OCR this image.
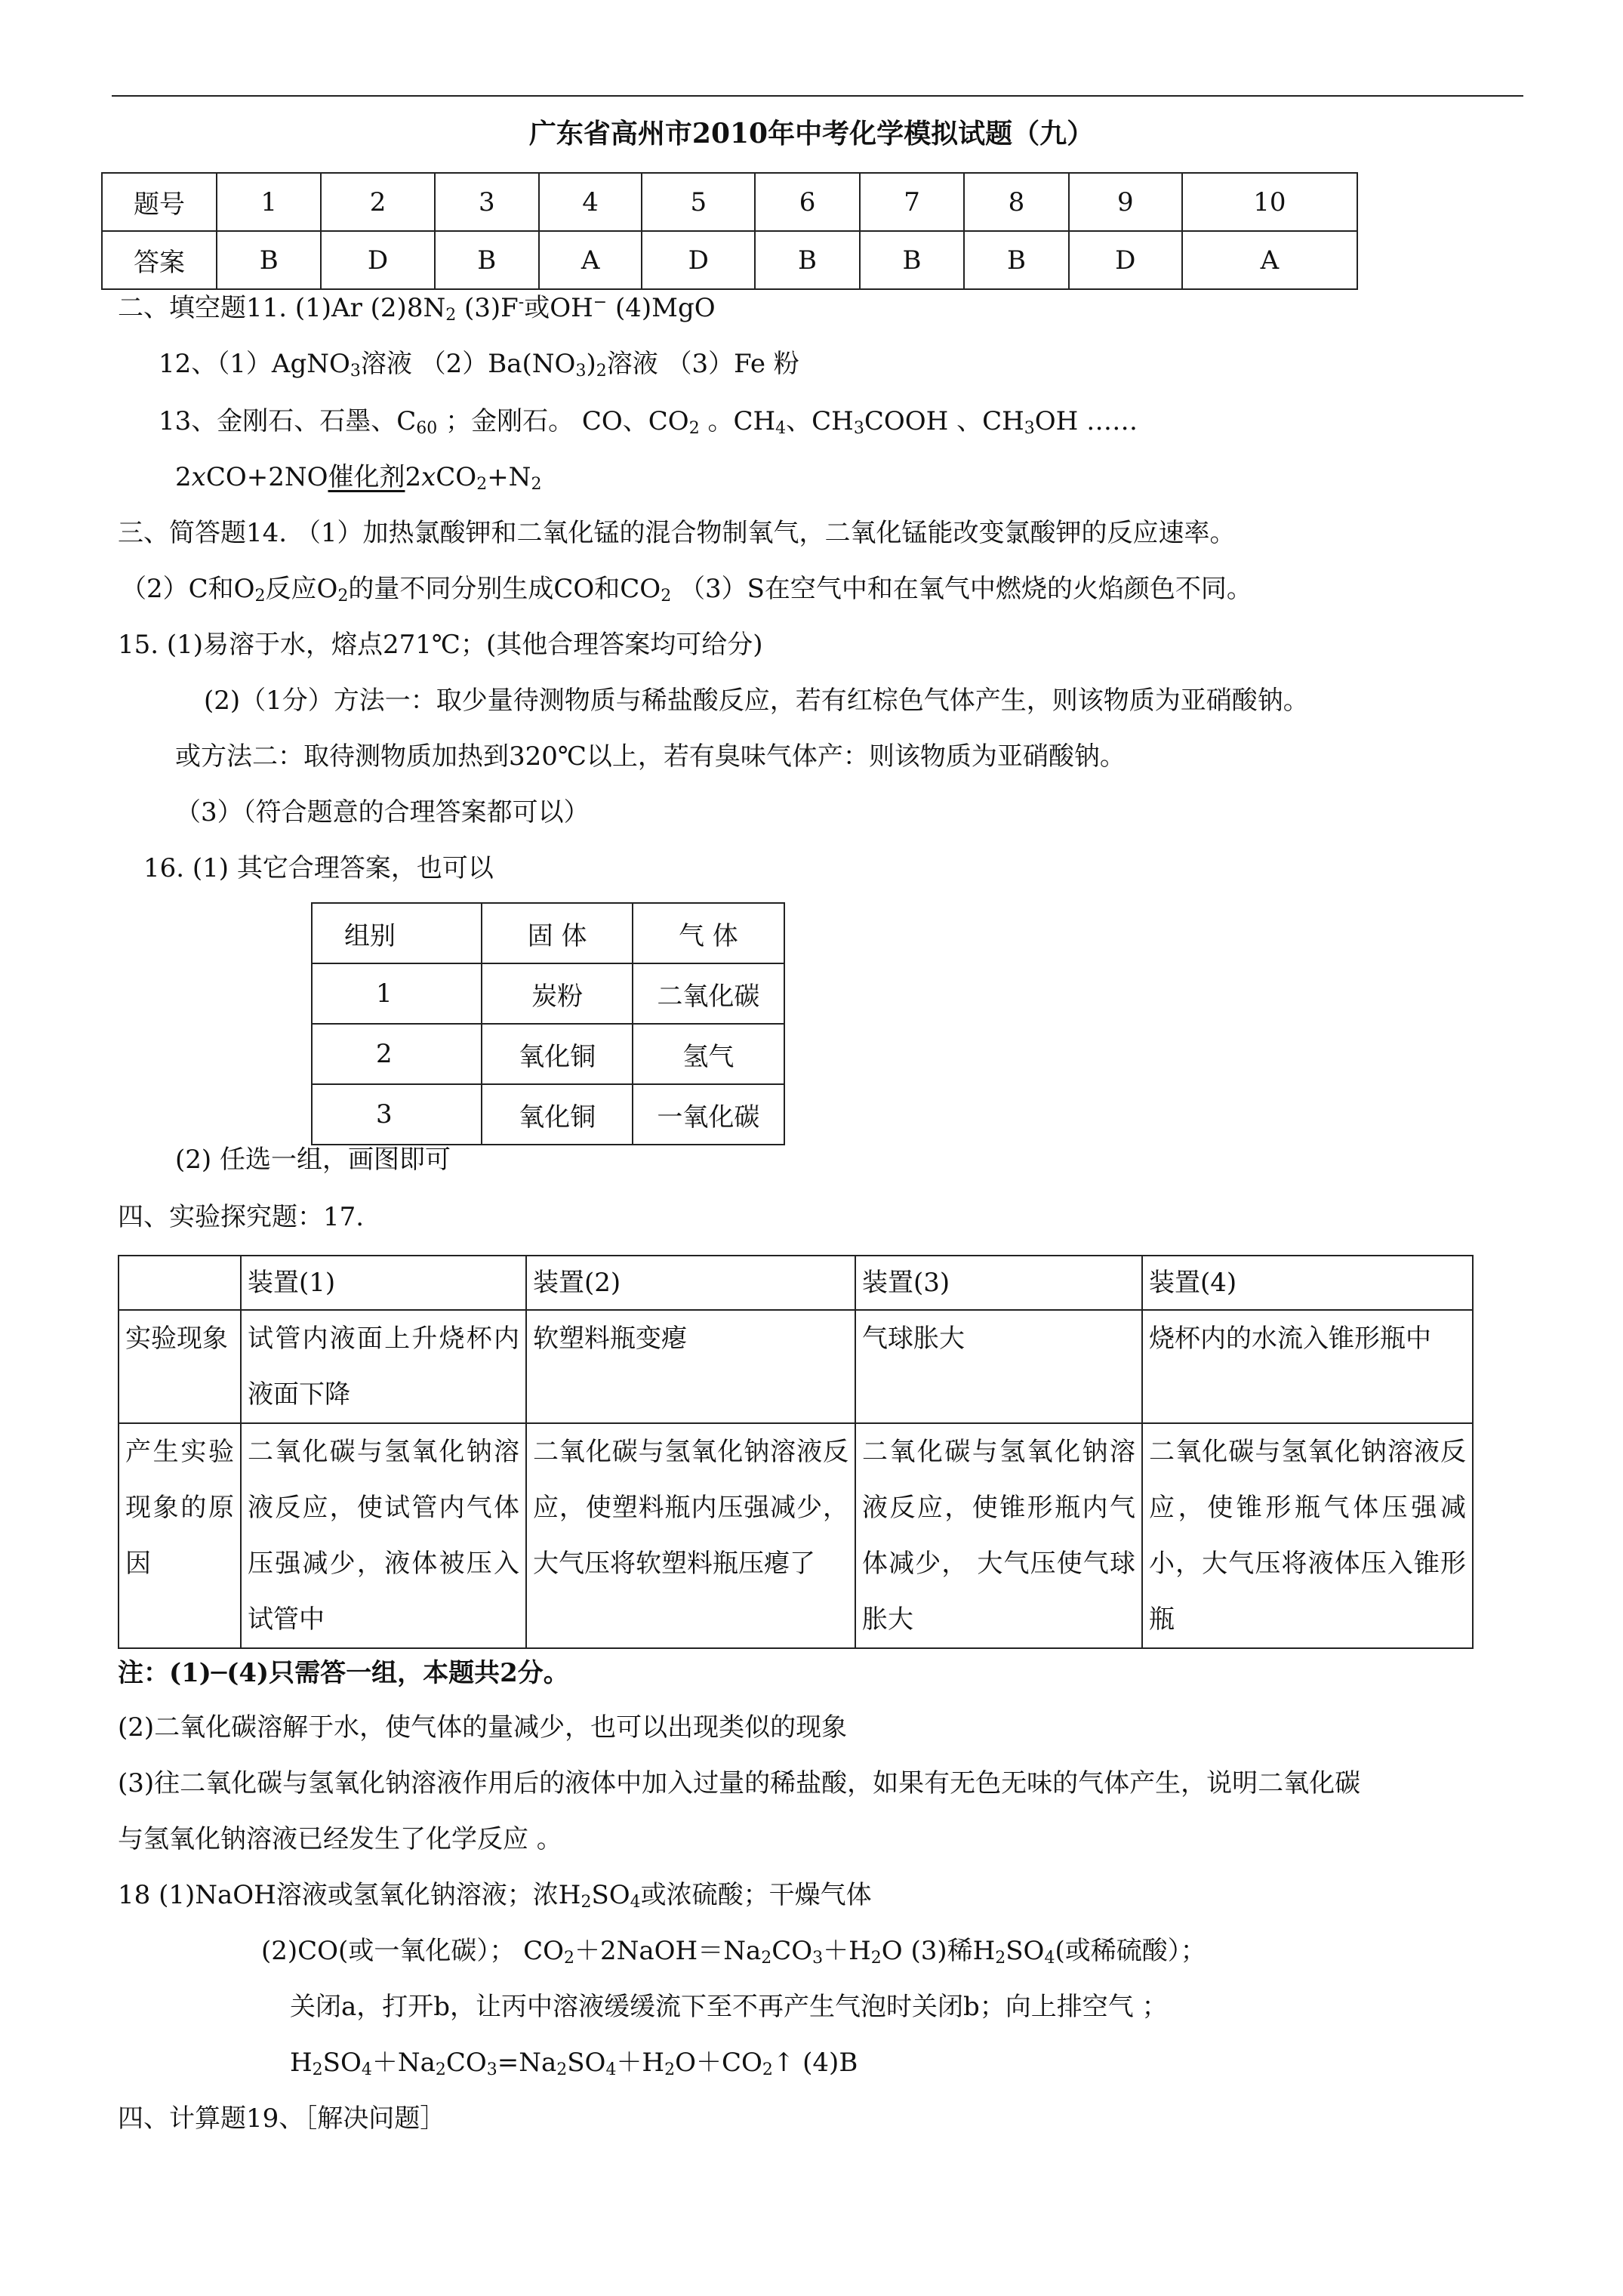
广东省高州市2010年中考化学模拟试题（九）
题号	1	2	3	4	5	6	7	8	9	10
答案	B	D	B	A	D	B	B	B	D	A
二、填空题11. (1)Ar $(2)8N_2$ (3)F-或OH− (4)MgO
12、（1）AgNO$_3$溶液 $(2)Ba(NO_3)_2$溶液 （3）Fe 粉
13、金刚石、石墨、$C_{60}$ ；金刚石。 CO、$CO_2$ 。$CH_4$、$CH_3COOH$ 、$CH_3OH$ ……
2xCO+2NO催化剂$2xCO_2+N_2$
三、简答题14. （1）加热氯酸钾和二氧化锰的混合物制氧气，二氧化锰能改变氯酸钾的反应速率。
（2）C和$O_2$反应$O_2$的量不同分别生成CO和$CO_2$ （3）S在空气中和在氧气中燃烧的火焰颜色不同。
15. (1)易溶于水，熔点271℃；(其他合理答案均可给分)
(2)（1分）方法一：取少量待测物质与稀盐酸反应，若有红棕色气体产生，则该物质为亚硝酸钠。
或方法二：取待测物质加热到320℃以上，若有臭味气体产：则该物质为亚硝酸钠。
（3）（符合题意的合理答案都可以）
16. (1) 其它合理答案，也可以
组别	固 体	气 体
1	炭粉	二氧化碳
2	氧化铜	氢气
3	氧化铜	一氧化碳
(2) 任选一组，画图即可
四、实验探究题：17.
	装置(1)	装置(2)	装置(3)	装置(4)
实验现象	试管内液面上升烧杯内液面下降	软塑料瓶变瘪	气球胀大	烧杯内的水流入锥形瓶中
产生实验现象的原因	二氧化碳与氢氧化钠溶液反应，使试管内气体压强减少，液体被压入试管中	二氧化碳与氢氧化钠溶液反应，使塑料瓶内压强减少，大气压将软塑料瓶压瘪了	二氧化碳与氢氧化钠溶液反应，使锥形瓶内气体减少， 大气压使气球胀大	二氧化碳与氢氧化钠溶液反应，使锥形瓶气体压强减小，大气压将液体压入锥形瓶
注：(1)─(4)只需答一组，本题共2分。
(2)二氧化碳溶解于水，使气体的量减少，也可以出现类似的现象
(3)往二氧化碳与氢氧化钠溶液作用后的液体中加入过量的稀盐酸，如果有无色无味的气体产生，说明二氧化碳
与氢氧化钠溶液已经发生了化学反应 。
18 (1)NaOH溶液或氢氧化钠溶液；浓$H_2SO_4$或浓硫酸；干燥气体
(2)CO(或一氧化碳）； $CO_2+2NaOH=Na_2CO_3+H_2O$ (3)稀$H_2SO_4$(或稀硫酸）；
关闭a，打开b，让丙中溶液缓缓流下至不再产生气泡时关闭b；向上排空气 ；
$H_2SO_4+Na_2CO_3=Na_2SO_4+H_2O+CO_2↑$ (4)B
四、计算题19、［解决问题］
